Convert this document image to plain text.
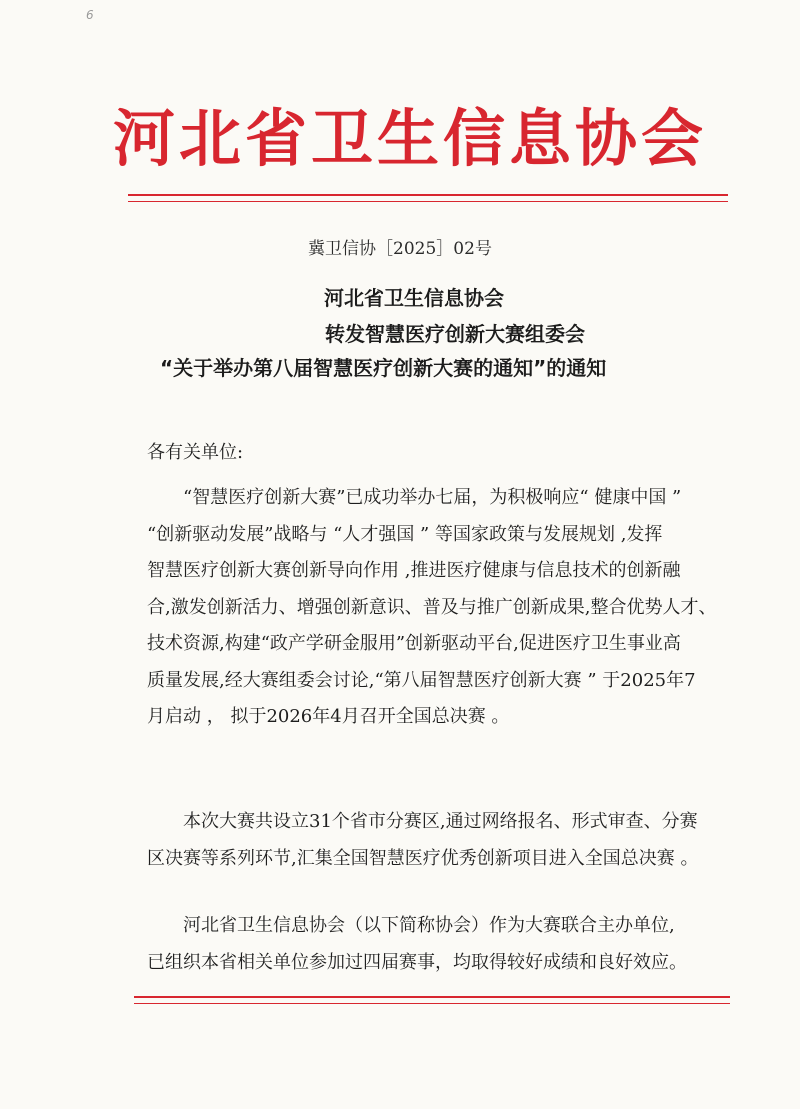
6
河北省卫生信息协会
冀卫信协［2025］02号
河北省卫生信息协会
转发智慧医疗创新大赛组委会
“关于举办第八届智慧医疗创新大赛的通知”的通知
各有关单位:
“智慧医疗创新大赛”已成功举办七届，为积极响应“ 健康中国 ”
“创新驱动发展”战略与 “人才强国 ” 等国家政策与发展规划 ,发挥
智慧医疗创新大赛创新导向作用 ,推进医疗健康与信息技术的创新融
合,激发创新活力、增强创新意识、普及与推广创新成果,整合优势人才、
技术资源,构建“政产学研金服用”创新驱动平台,促进医疗卫生事业高
质量发展,经大赛组委会讨论,“第八届智慧医疗创新大赛 ” 于2025年7
月启动 ， 拟于2026年4月召开全国总决赛 。
本次大赛共设立31个省市分赛区,通过网络报名、形式审查、分赛
区决赛等系列环节,汇集全国智慧医疗优秀创新项目进入全国总决赛 。
河北省卫生信息协会（以下简称协会）作为大赛联合主办单位,
已组织本省相关单位参加过四届赛事，均取得较好成绩和良好效应。
